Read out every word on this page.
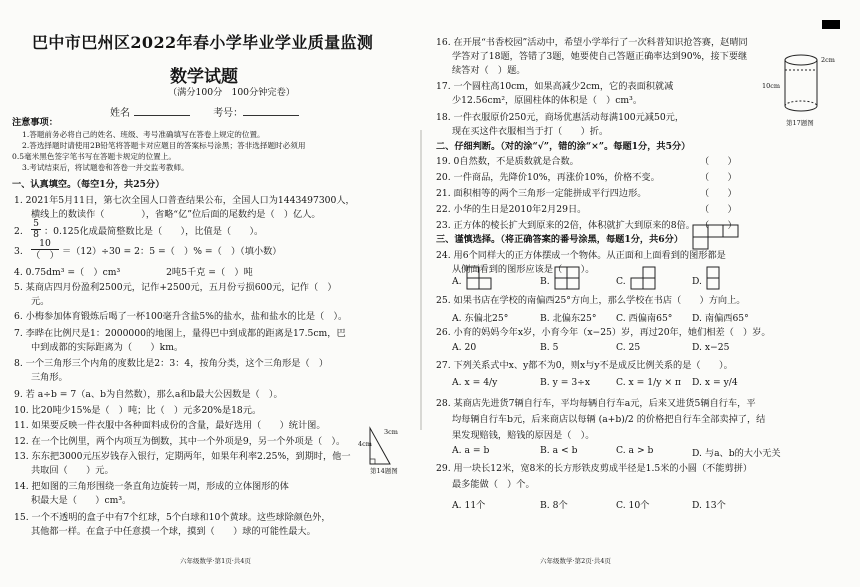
巴中市巴州区2022年春小学毕业学业质量监测
数学试题
（满分100分　100分钟完卷）
姓名	考号：
注意事项：
1.答题前务必将自己的姓名、班级、考号准确填写在答卷上规定的位置。
2.答选择题时请使用2B铅笔将答题卡对应题目的答案标号涂黑；答非选择题时必须用
0.5毫米黑色签字笔书写在答题卡规定的位置上。
3.考试结束后，将试题卷和答卷一并交监考教师。
一、认真填空。（每空1分，共25分）
1. 2021年5月11日，第七次全国人口普查结果公布，全国人口为1443497300人，
横线上的数读作（　　　　），省略“亿”位后面的尾数约是（　）亿人。
2. $\frac{5}{8}$ ：0.125化成最简整数比是（　　），比值是（　　）。
3.
10
（　） ＝（12）÷30 = 2：5 =（　）% =（　）（填小数）
4. 0.75dm³ =（　）cm³　　　　　2吨5千克 =（　）吨
5. 某商店四月份盈利2500元，记作+2500元，五月份亏损600元，记作（　）
元。
6. 小梅参加体育锻炼后喝了一杯100毫升含盐5%的盐水，盐和盐水的比是（　）。
7. 李晔在比例尺是1：2000000的地图上，量得巴中到成都的距离是17.5cm，巴
中到成都的实际距离为（　　）km。
8. 一个三角形三个内角的度数比是2：3：4，按角分类，这个三角形是（　）
三角形。
9. 若 a÷b = 7（a、b为自然数），那么a和b最大公因数是（　）。
10. 比20吨少15%是（　）吨；比（　）元多20%是18元。
11. 如果要反映一件衣服中各种面料成份的含量，最好选用（　　）统计图。
12. 在一个比例里，两个内项互为倒数，其中一个外项是9，另一个外项是（　）。
13. 东东把3000元压岁钱存入银行，定期两年，如果年利率2.25%，到期时，他一
共取回（　　）元。
14. 把如图的三角形围绕一条直角边旋转一周，形成的立体图形的体
积最大是（　　）cm³。
4cm
3cm
第14题图
15. 一个不透明的盒子中有7个红球，5个白球和10个黄球。这些球除颜色外，
其他都一样。在盒子中任意摸一个球，摸到（　　）球的可能性最大。
六年级数学·第1页·共4页
16. 在开展“书香校园”活动中，希望小学举行了一次科普知识抢答赛，赵晴同
学答对了18题，答错了3题，她要使自己答题正确率达到90%，接下要继
续答对（　）题。
17. 一个圆柱高10cm，如果高减少2cm，它的表面积就减
少12.56cm²，原圆柱体的体积是（　）cm³。
10cm
2cm
第17题图
18. 一件衣服原价250元，商场优惠活动每满100元减50元，
现在买这件衣服相当于打（　　）折。
二、仔细判断。（对的涂“√”，错的涂“×”。每题1分，共5分）
19. 0自然数，不是质数就是合数。	（　　）
20. 一件商品，先降价10%，再涨价10%，价格不变。	（　　）
21. 面积相等的两个三角形一定能拼成平行四边形。	（　　）
22. 小华的生日是2010年2月29日。	（　　）
23. 正方体的棱长扩大到原来的2倍，体积就扩大到原来的8倍。 （　　）
三、谨慎选择。（将正确答案的番号涂黑，每题1分，共6分）
24. 用6个同样大的正方体摆成一个物体。从正面和上面看到的图形都是
从侧面看到的图形应该是（　　）。
A.	B.	C.	D.
25. 如果书店在学校的南偏西25°方向上，那么学校在书店（　　）方向上。
A. 东偏北25°	B. 北偏东25° C. 西偏南65° D. 南偏西65°
26. 小育的妈妈今年x岁，小育今年（x−25）岁，再过20年，她们相差（　）岁。
A. 20	B. 5	C. 25	D. x−25
27. 下列关系式中x、y都不为0，则x与y不是成反比例关系的是（　　）。
A. x = 4/y	B. y = 3÷x	C. x = 1/y × π D. x = y/4
28. 某商店先进货7辆自行车，平均每辆自行车a元，后来又进货5辆自行车，平
均每辆自行车b元，后来商店以每辆 (a+b)/2 的价格把自行车全部卖掉了，结
果发现赔钱，赔钱的原因是（　）。
A. a = b	B. a < b	C. a > b	D. 与a、b的大小无关
29. 用一块长12米，宽8米的长方形铁皮剪成半径是1.5米的小圆（不能剪拼）
最多能做（　）个。
A. 11个	B. 8个	C. 10个	D. 13个
六年级数学·第2页·共4页
